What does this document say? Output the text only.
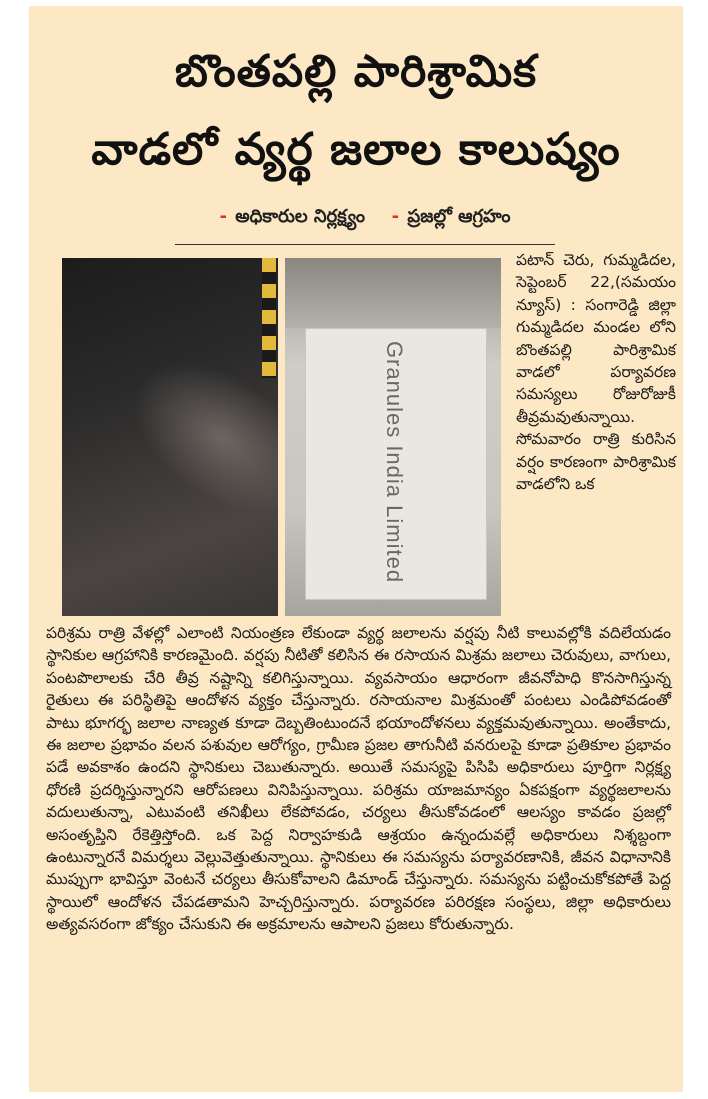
బొంతపల్లి పారిశ్రామిక
వాడలో వ్యర్థ జలాల కాలుష్యం
- అధికారుల నిర్లక్ష్యం - ప్రజల్లో ఆగ్రహం
Granules India Limited
పటాన్ చెరు, గుమ్మడిదల, సెప్టెంబర్ 22,(సమయం న్యూస్) : సంగారెడ్డి జిల్లా గుమ్మడిదల మండల లోని బొంతపల్లి పారిశ్రామిక వాడలో పర్యావరణ సమస్యలు రోజురోజుకీ తీవ్రమవుతున్నాయి. సోమవారం రాత్రి కురిసిన వర్షం కారణంగా పారిశ్రామిక వాడలోని ఒక
పరిశ్రమ రాత్రి వేళల్లో ఎలాంటి నియంత్రణ లేకుండా వ్యర్థ జలాలను వర్షపు నీటి కాలువల్లోకి వదిలేయడం స్థానికుల ఆగ్రహానికి కారణమైంది. వర్షపు నీటితో కలిసిన ఈ రసాయన మిశ్రమ జలాలు చెరువులు, వాగులు, పంటపొలాలకు చేరి తీవ్ర నష్టాన్ని కలిగిస్తున్నాయి. వ్యవసాయం ఆధారంగా జీవనోపాధి కొనసాగిస్తున్న రైతులు ఈ పరిస్థితిపై ఆందోళన వ్యక్తం చేస్తున్నారు. రసాయనాల మిశ్రమంతో పంటలు ఎండిపోవడంతో పాటు భూగర్భ జలాల నాణ్యత కూడా దెబ్బతింటుందనే భయాందోళనలు వ్యక్తమవుతున్నాయి. అంతేకాదు, ఈ జలాల ప్రభావం వలన పశువుల ఆరోగ్యం, గ్రామీణ ప్రజల తాగునీటి వనరులపై కూడా ప్రతికూల ప్రభావం పడే అవకాశం ఉందని స్థానికులు చెబుతున్నారు. అయితే సమస్యపై పిసిపి అధికారులు పూర్తిగా నిర్లక్ష్య ధోరణి ప్రదర్శిస్తున్నారని ఆరోపణలు వినిపిస్తున్నాయి. పరిశ్రమ యాజమాన్యం ఏకపక్షంగా వ్యర్థజలాలను వదులుతున్నా, ఎటువంటి తనిఖీలు లేకపోవడం, చర్యలు తీసుకోవడంలో ఆలస్యం కావడం ప్రజల్లో అసంతృప్తిని రేకెత్తిస్తోంది. ఒక పెద్ద నిర్వాహకుడి ఆశ్రయం ఉన్నందువల్లే అధికారులు నిశ్శబ్దంగా ఉంటున్నారనే విమర్శలు వెల్లువెత్తుతున్నాయి. స్థానికులు ఈ సమస్యను పర్యావరణానికి, జీవన విధానానికి ముప్పుగా భావిస్తూ వెంటనే చర్యలు తీసుకోవాలని డిమాండ్ చేస్తున్నారు. సమస్యను పట్టించుకోకపోతే పెద్ద స్థాయిలో ఆందోళన చేపడతామని హెచ్చరిస్తున్నారు. పర్యావరణ పరిరక్షణ సంస్థలు, జిల్లా అధికారులు అత్యవసరంగా జోక్యం చేసుకుని ఈ అక్రమాలను ఆపాలని ప్రజలు కోరుతున్నారు.
